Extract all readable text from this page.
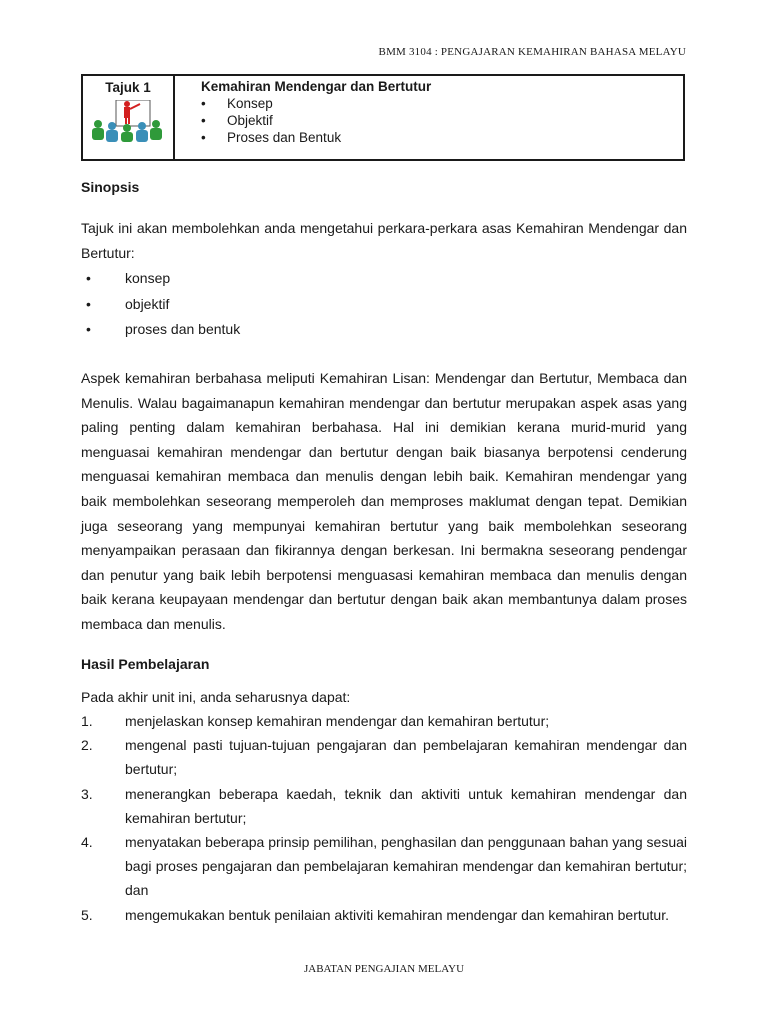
BMM 3104 : PENGAJARAN KEMAHIRAN BAHASA MELAYU
Tajuk 1	Kemahiran Mendengar dan Bertutur
• Konsep
• Objektif
• Proses dan Bentuk
Sinopsis

Tajuk ini akan membolehkan anda mengetahui perkara-perkara asas Kemahiran Mendengar dan Bertutur:

• konsep
• objektif
• proses dan bentuk

Aspek kemahiran berbahasa meliputi Kemahiran Lisan: Mendengar dan Bertutur, Membaca dan Menulis. Walau bagaimanapun kemahiran mendengar dan bertutur merupakan aspek asas yang paling penting dalam kemahiran berbahasa. Hal ini demikian kerana murid-murid yang menguasai kemahiran mendengar dan bertutur dengan baik biasanya berpotensi cenderung menguasai kemahiran membaca dan menulis dengan lebih baik. Kemahiran mendengar yang baik membolehkan seseorang memperoleh dan memproses maklumat dengan tepat. Demikian juga seseorang yang mempunyai kemahiran bertutur yang baik membolehkan seseorang menyampaikan perasaan dan fikirannya dengan berkesan. Ini bermakna seseorang pendengar dan penutur yang baik lebih berpotensi menguasasi kemahiran membaca dan menulis dengan baik kerana keupayaan mendengar dan bertutur dengan baik akan membantunya dalam proses membaca dan menulis.

Hasil Pembelajaran
Pada akhir unit ini, anda seharusnya dapat:
1.	menjelaskan konsep kemahiran mendengar dan kemahiran bertutur;
2.	mengenal pasti tujuan-tujuan pengajaran dan pembelajaran kemahiran mendengar dan bertutur;
3.	menerangkan beberapa kaedah, teknik dan aktiviti untuk kemahiran mendengar dan kemahiran bertutur;
4.	menyatakan beberapa prinsip pemilihan, penghasilan dan penggunaan bahan yang sesuai bagi proses pengajaran dan pembelajaran kemahiran mendengar dan kemahiran bertutur; dan
5.	mengemukakan bentuk penilaian aktiviti kemahiran mendengar dan kemahiran bertutur.
JABATAN PENGAJIAN MELAYU
